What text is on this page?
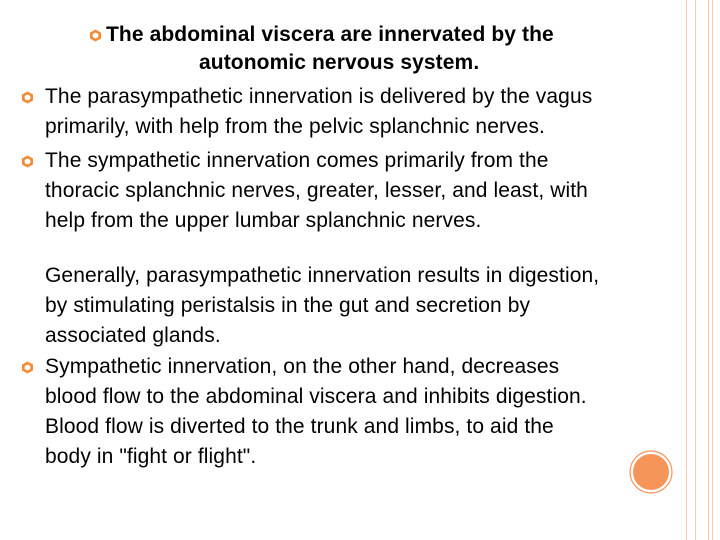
The abdominal viscera are innervated by the
autonomic nervous system.
The parasympathetic innervation is delivered by the vagus
primarily, with help from the pelvic splanchnic nerves.
The sympathetic innervation comes primarily from the
thoracic splanchnic nerves, greater, lesser, and least, with
help from the upper lumbar splanchnic nerves.
Generally, parasympathetic innervation results in digestion,
by stimulating peristalsis in the gut and secretion by
associated glands.
Sympathetic innervation, on the other hand, decreases
blood flow to the abdominal viscera and inhibits digestion.
Blood flow is diverted to the trunk and limbs, to aid the
body in "fight or flight".
